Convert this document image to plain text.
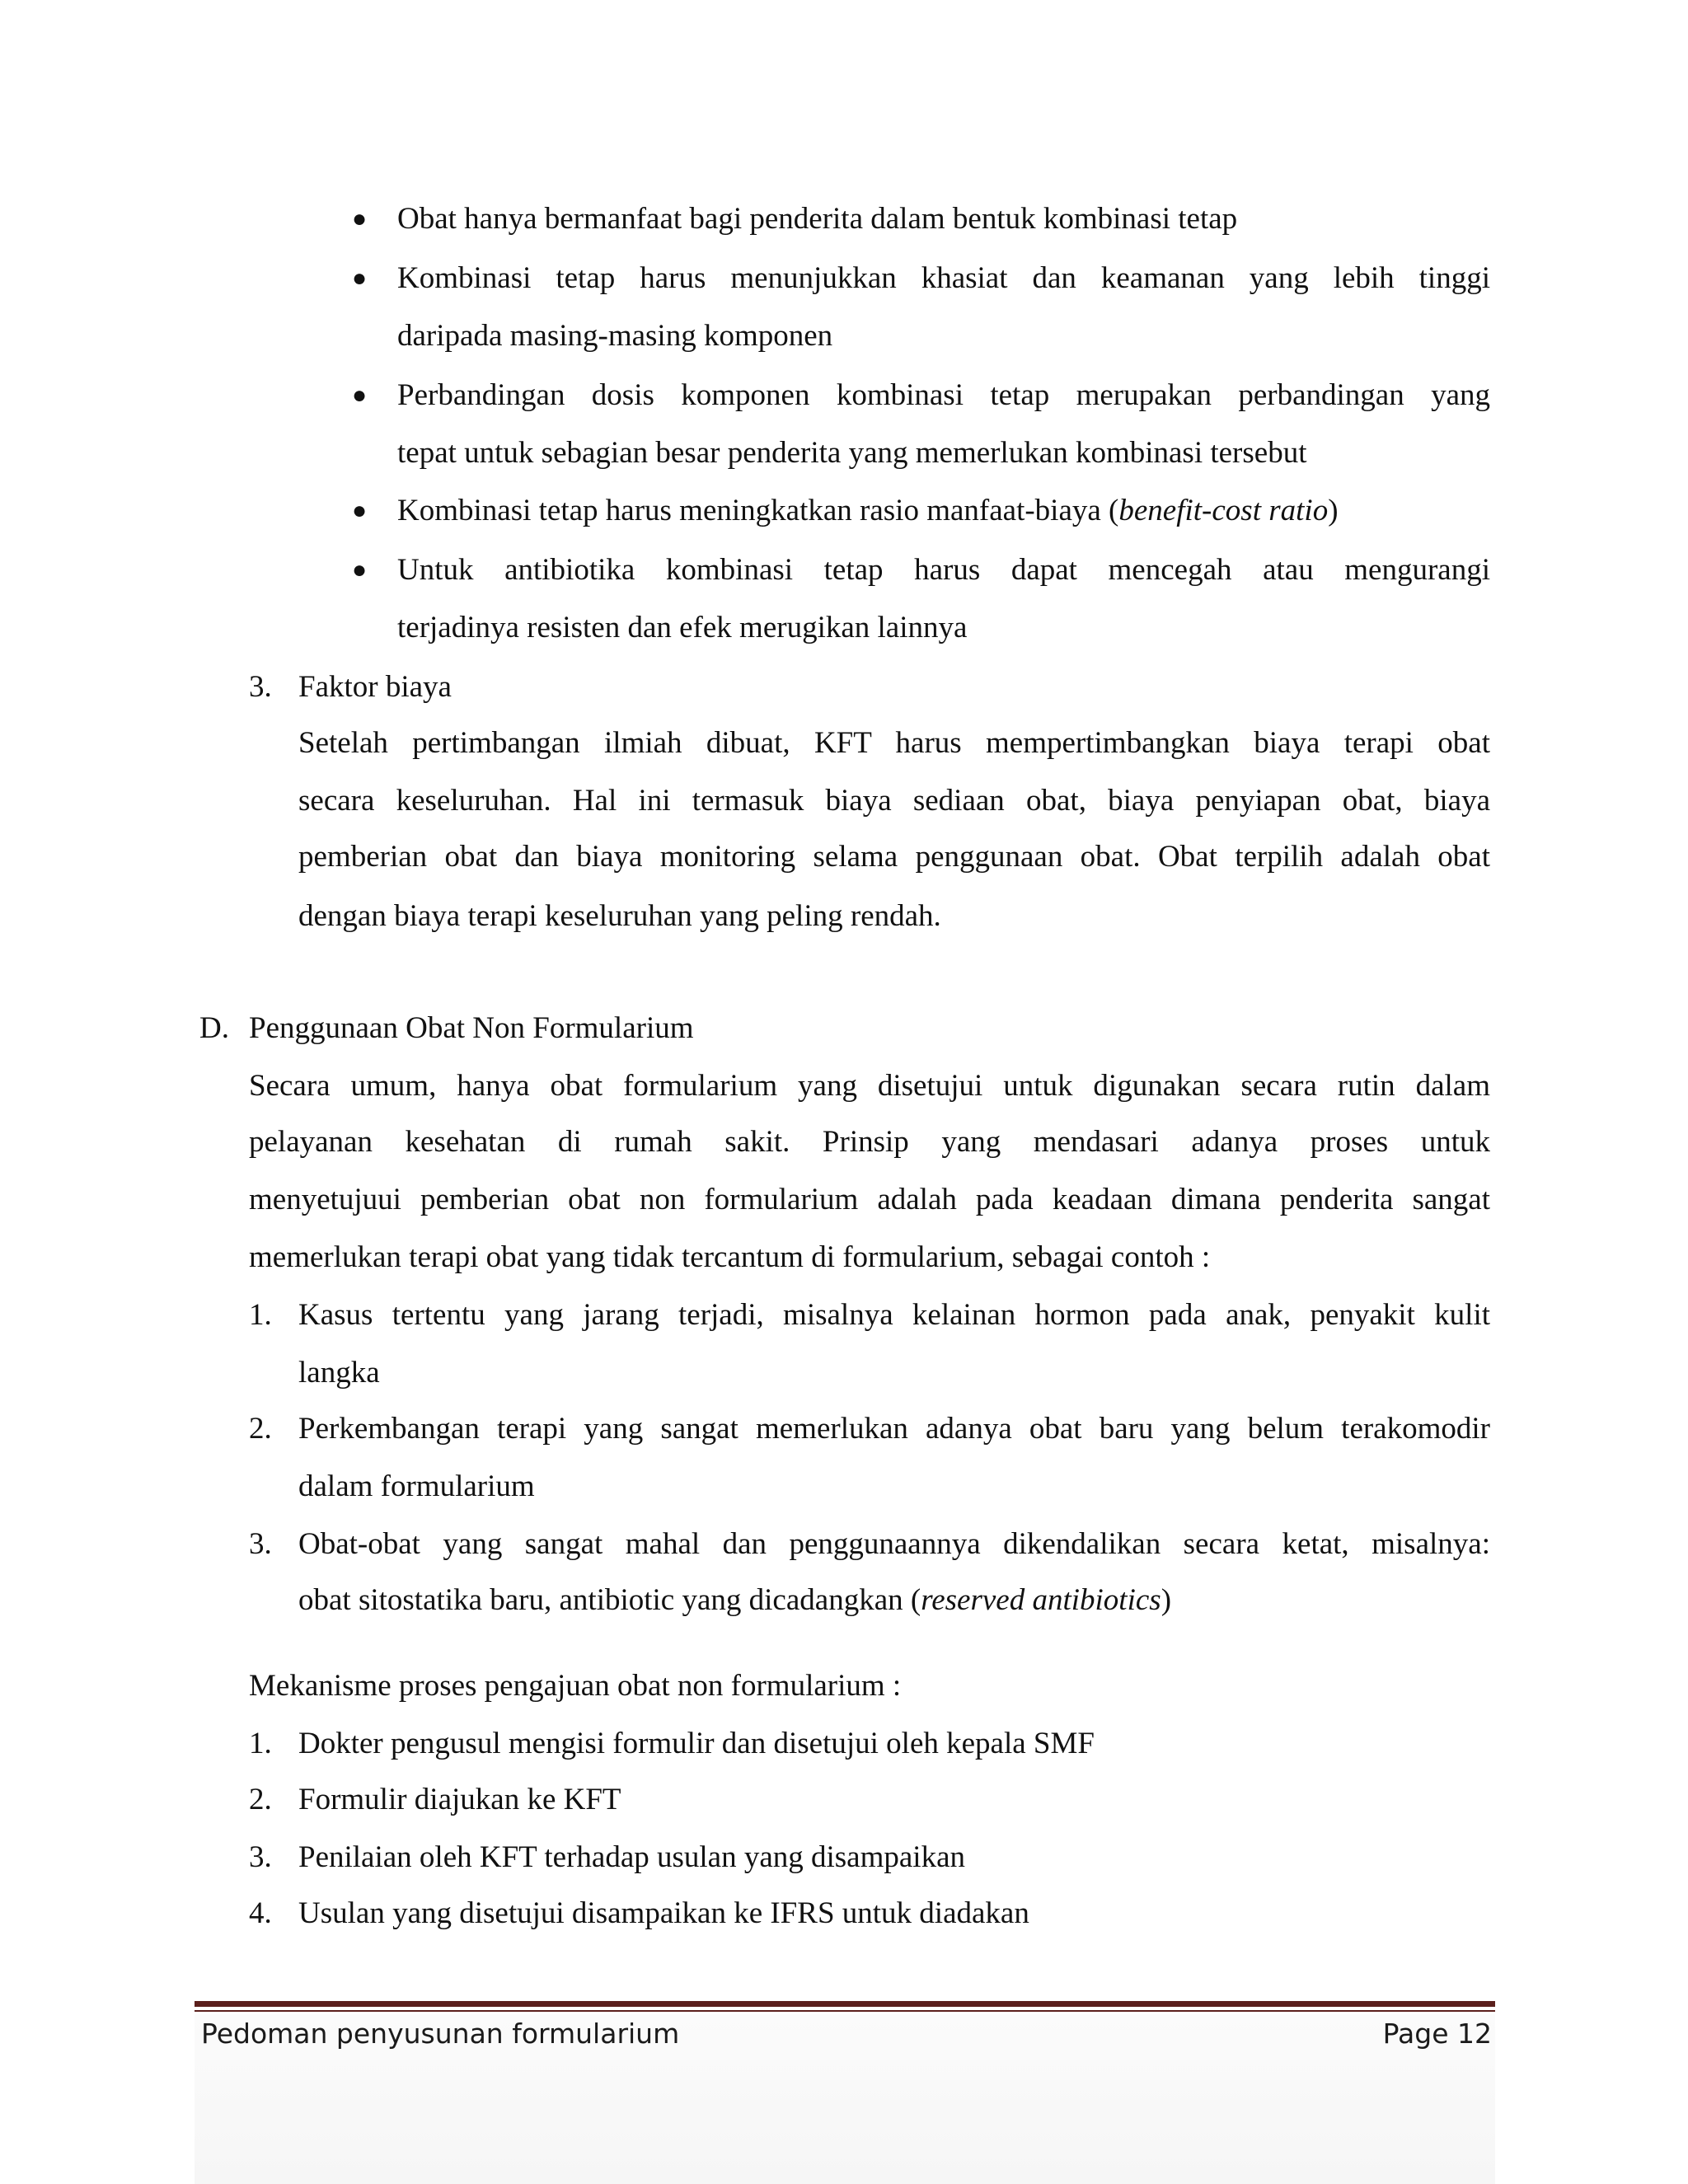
● Obat hanya bermanfaat bagi penderita dalam bentuk kombinasi tetap
● Kombinasi tetap harus menunjukkan khasiat dan keamanan yang lebih tinggi
daripada masing-masing komponen
● Perbandingan dosis komponen kombinasi tetap merupakan perbandingan yang
tepat untuk sebagian besar penderita yang memerlukan kombinasi tersebut
● Kombinasi tetap harus meningkatkan rasio manfaat-biaya (benefit-cost ratio)
● Untuk antibiotika kombinasi tetap harus dapat mencegah atau mengurangi
terjadinya resisten dan efek merugikan lainnya
3. Faktor biaya
Setelah pertimbangan ilmiah dibuat, KFT harus mempertimbangkan biaya terapi obat
secara keseluruhan. Hal ini termasuk biaya sediaan obat, biaya penyiapan obat, biaya
pemberian obat dan biaya monitoring selama penggunaan obat. Obat terpilih adalah obat
dengan biaya terapi keseluruhan yang peling rendah.
D. Penggunaan Obat Non Formularium
Secara umum, hanya obat formularium yang disetujui untuk digunakan secara rutin dalam
pelayanan kesehatan di rumah sakit. Prinsip yang mendasari adanya proses untuk
menyetujuui pemberian obat non formularium adalah pada keadaan dimana penderita sangat
memerlukan terapi obat yang tidak tercantum di formularium, sebagai contoh :
1. Kasus tertentu yang jarang terjadi, misalnya kelainan hormon pada anak, penyakit kulit
langka
2. Perkembangan terapi yang sangat memerlukan adanya obat baru yang belum terakomodir
dalam formularium
3. Obat-obat yang sangat mahal dan penggunaannya dikendalikan secara ketat, misalnya:
obat sitostatika baru, antibiotic yang dicadangkan (reserved antibiotics)
Mekanisme proses pengajuan obat non formularium :
1. Dokter pengusul mengisi formulir dan disetujui oleh kepala SMF
2. Formulir diajukan ke KFT
3. Penilaian oleh KFT terhadap usulan yang disampaikan
4. Usulan yang disetujui disampaikan ke IFRS untuk diadakan
Pedoman penyusunan formularium	Page 12
